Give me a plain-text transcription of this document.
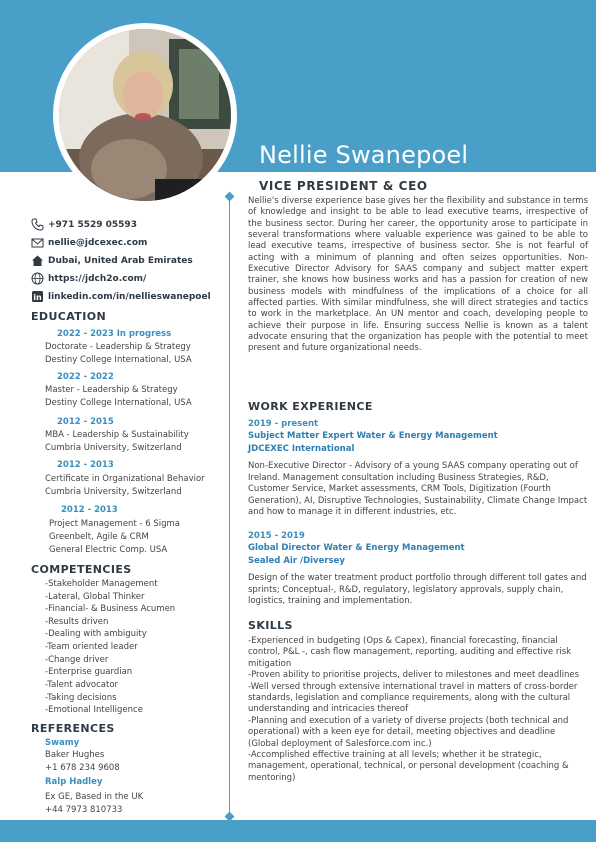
Nellie Swanepoel
VICE PRESIDENT & CEO
+971 5529 05593
nellie@jdcexec.com
Dubai, United Arab Emirates
https://jdch2o.com/
in linkedin.com/in/nellieswanepoel
EDUCATION
2022 - 2023 In progress
Doctorate - Leadership & Strategy
Destiny College International, USA
2022 - 2022
Master - Leadership & Strategy
Destiny College International, USA
2012 - 2015
MBA - Leadership & Sustainability
Cumbria University, Switzerland
2012 - 2013
Certificate in Organizational Behavior
Cumbria University, Switzerland
2012 - 2013
Project Management - 6 Sigma
Greenbelt, Agile & CRM
General Electric Comp. USA
COMPETENCIES
-Stakeholder Management
-Lateral, Global Thinker
-Financial- & Business Acumen
-Results driven
-Dealing with ambiguity
-Team oriented leader
-Change driver
-Enterprise guardian
-Talent advocator
-Taking decisions
-Emotional Intelligence
REFERENCES
Swamy
Baker Hughes
+1 678 234 9608
Ralp Hadley
Ex GE, Based in the UK
+44 7973 810733
Nellie's diverse experience base gives her the flexibility and substance in terms of knowledge and insight to be able to lead executive teams, irrespective of the business sector. During her career, the opportunity arose to participate in several transformations where valuable experience was gained to be able to lead executive teams, irrespective of business sector. She is not fearful of acting with a minimum of planning and often seizes opportunities. Non-Executive Director Advisory for SAAS company and subject matter expert trainer, she knows how business works and has a passion for creation of new business models with mindfulness of the implications of a choice for all affected parties. With similar mindfulness, she will direct strategies and tactics to work in the marketplace. An UN mentor and coach, developing people to achieve their purpose in life. Ensuring success Nellie is known as a talent advocate ensuring that the organization has people with the potential to meet present and future organizational needs.
WORK EXPERIENCE
2019 - present
Subject Matter Expert Water & Energy Management
JDCEXEC International
Non-Executive Director - Advisory of a young SAAS company operating out of Ireland. Management consultation including Business Strategies, R&D, Customer Service, Market assessments, CRM Tools, Digitization (Fourth Generation), AI, Disruptive Technologies, Sustainability, Climate Change Impact and how to manage it in different industries, etc.
2015 - 2019
Global Director Water & Energy Management
Sealed Air /Diversey
Design of the water treatment product portfolio through different toll gates and sprints; Conceptual-, R&D, regulatory, legislatory approvals, supply chain, logistics, training and implementation.
SKILLS
-Experienced in budgeting (Ops & Capex), financial forecasting, financial control, P&L -, cash flow management, reporting, auditing and effective risk mitigation
-Proven ability to prioritise projects, deliver to milestones and meet deadlines
-Well versed through extensive international travel in matters of cross-border standards, legislation and compliance requirements, along with the cultural understanding and intricacies thereof
-Planning and execution of a variety of diverse projects (both technical and operational) with a keen eye for detail, meeting objectives and deadline (Global deployment of Salesforce.com inc.)
-Accomplished effective training at all levels; whether it be strategic, management, operational, technical, or personal development (coaching & mentoring)
